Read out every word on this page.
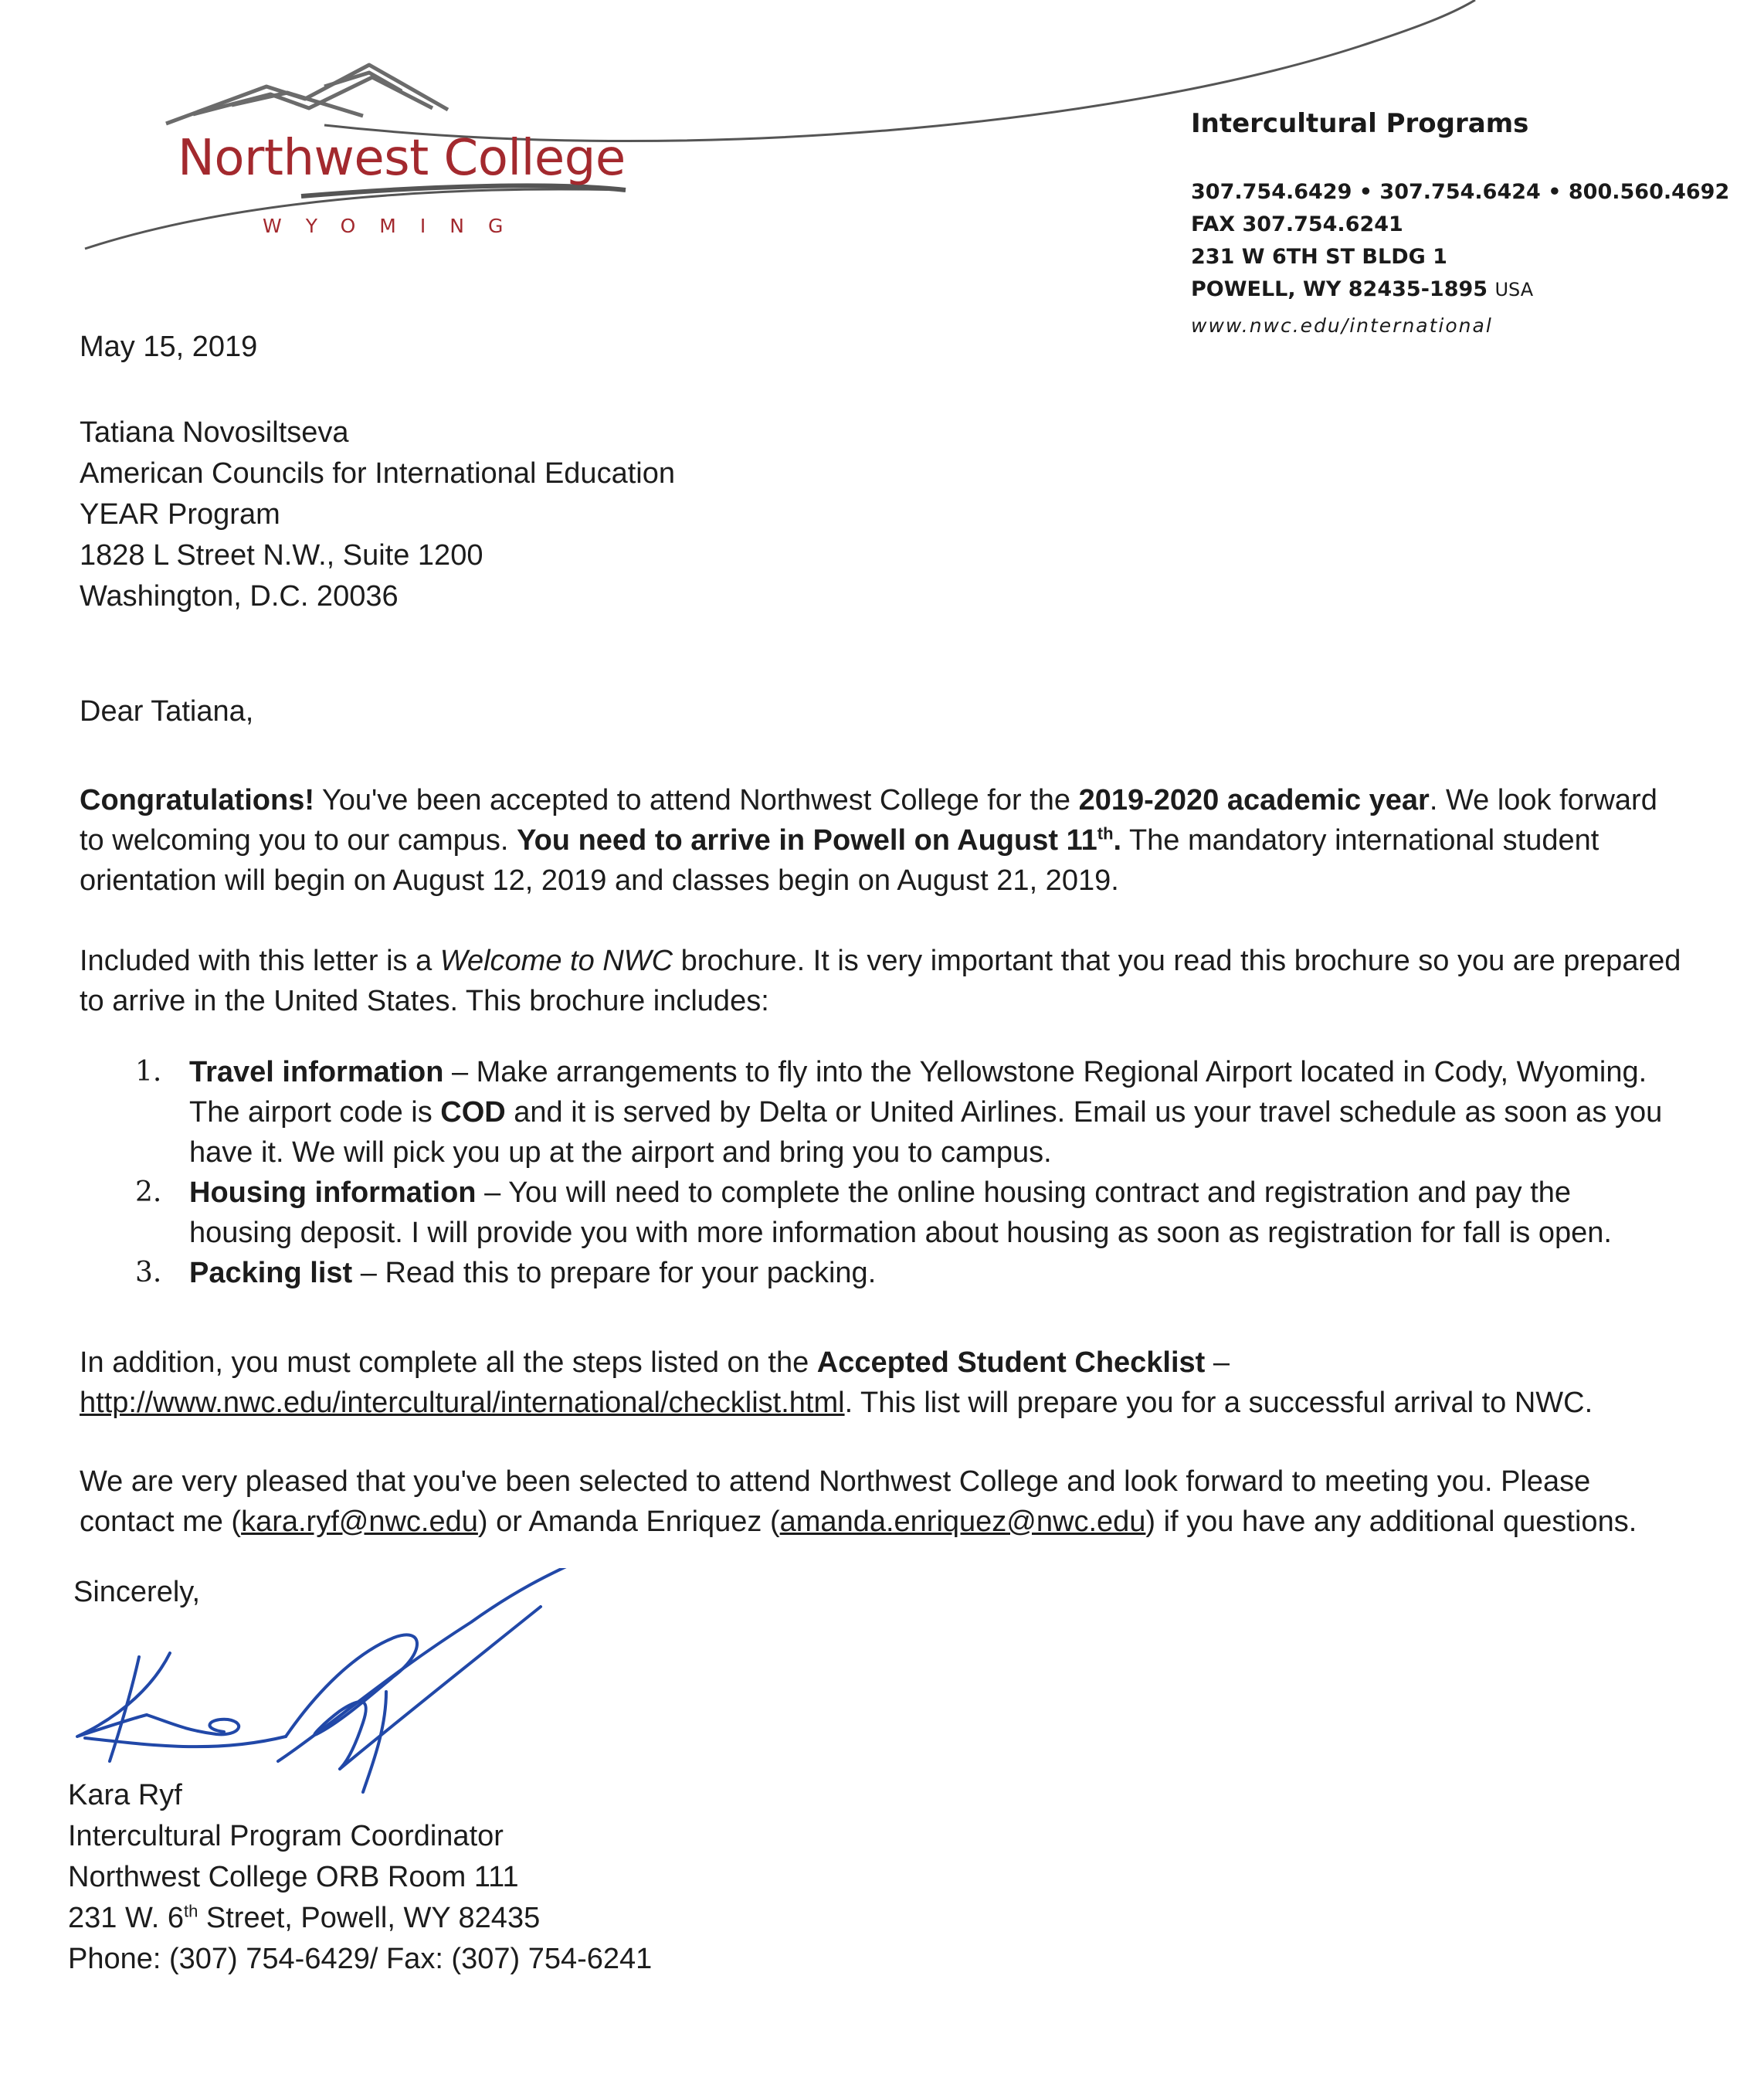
Northwest College
WYOMING
Intercultural Programs
307.754.6429 • 307.754.6424 • 800.560.4692
FAX 307.754.6241
231 W 6TH ST BLDG 1
POWELL, WY 82435-1895 USA
www.nwc.edu/international
May 15, 2019
Tatiana Novosiltseva
American Councils for International Education
YEAR Program
1828 L Street N.W., Suite 1200
Washington, D.C. 20036
Dear Tatiana,
Congratulations! You've been accepted to attend Northwest College for the 2019-2020 academic year. We look forward to welcoming you to our campus. You need to arrive in Powell on August 11th. The mandatory international student orientation will begin on August 12, 2019 and classes begin on August 21, 2019.
Included with this letter is a Welcome to NWC brochure. It is very important that you read this brochure so you are prepared to arrive in the United States. This brochure includes:
1. Travel information – Make arrangements to fly into the Yellowstone Regional Airport located in Cody, Wyoming. The airport code is COD and it is served by Delta or United Airlines. Email us your travel schedule as soon as you have it. We will pick you up at the airport and bring you to campus.
2. Housing information – You will need to complete the online housing contract and registration and pay the housing deposit. I will provide you with more information about housing as soon as registration for fall is open.
3. Packing list – Read this to prepare for your packing.
In addition, you must complete all the steps listed on the Accepted Student Checklist – http://www.nwc.edu/intercultural/international/checklist.html. This list will prepare you for a successful arrival to NWC.
We are very pleased that you've been selected to attend Northwest College and look forward to meeting you. Please contact me (kara.ryf@nwc.edu) or Amanda Enriquez (amanda.enriquez@nwc.edu) if you have any additional questions.
Sincerely,
Kara Ryf
Intercultural Program Coordinator
Northwest College ORB Room 111
231 W. 6th Street, Powell, WY 82435
Phone: (307) 754-6429/ Fax: (307) 754-6241
